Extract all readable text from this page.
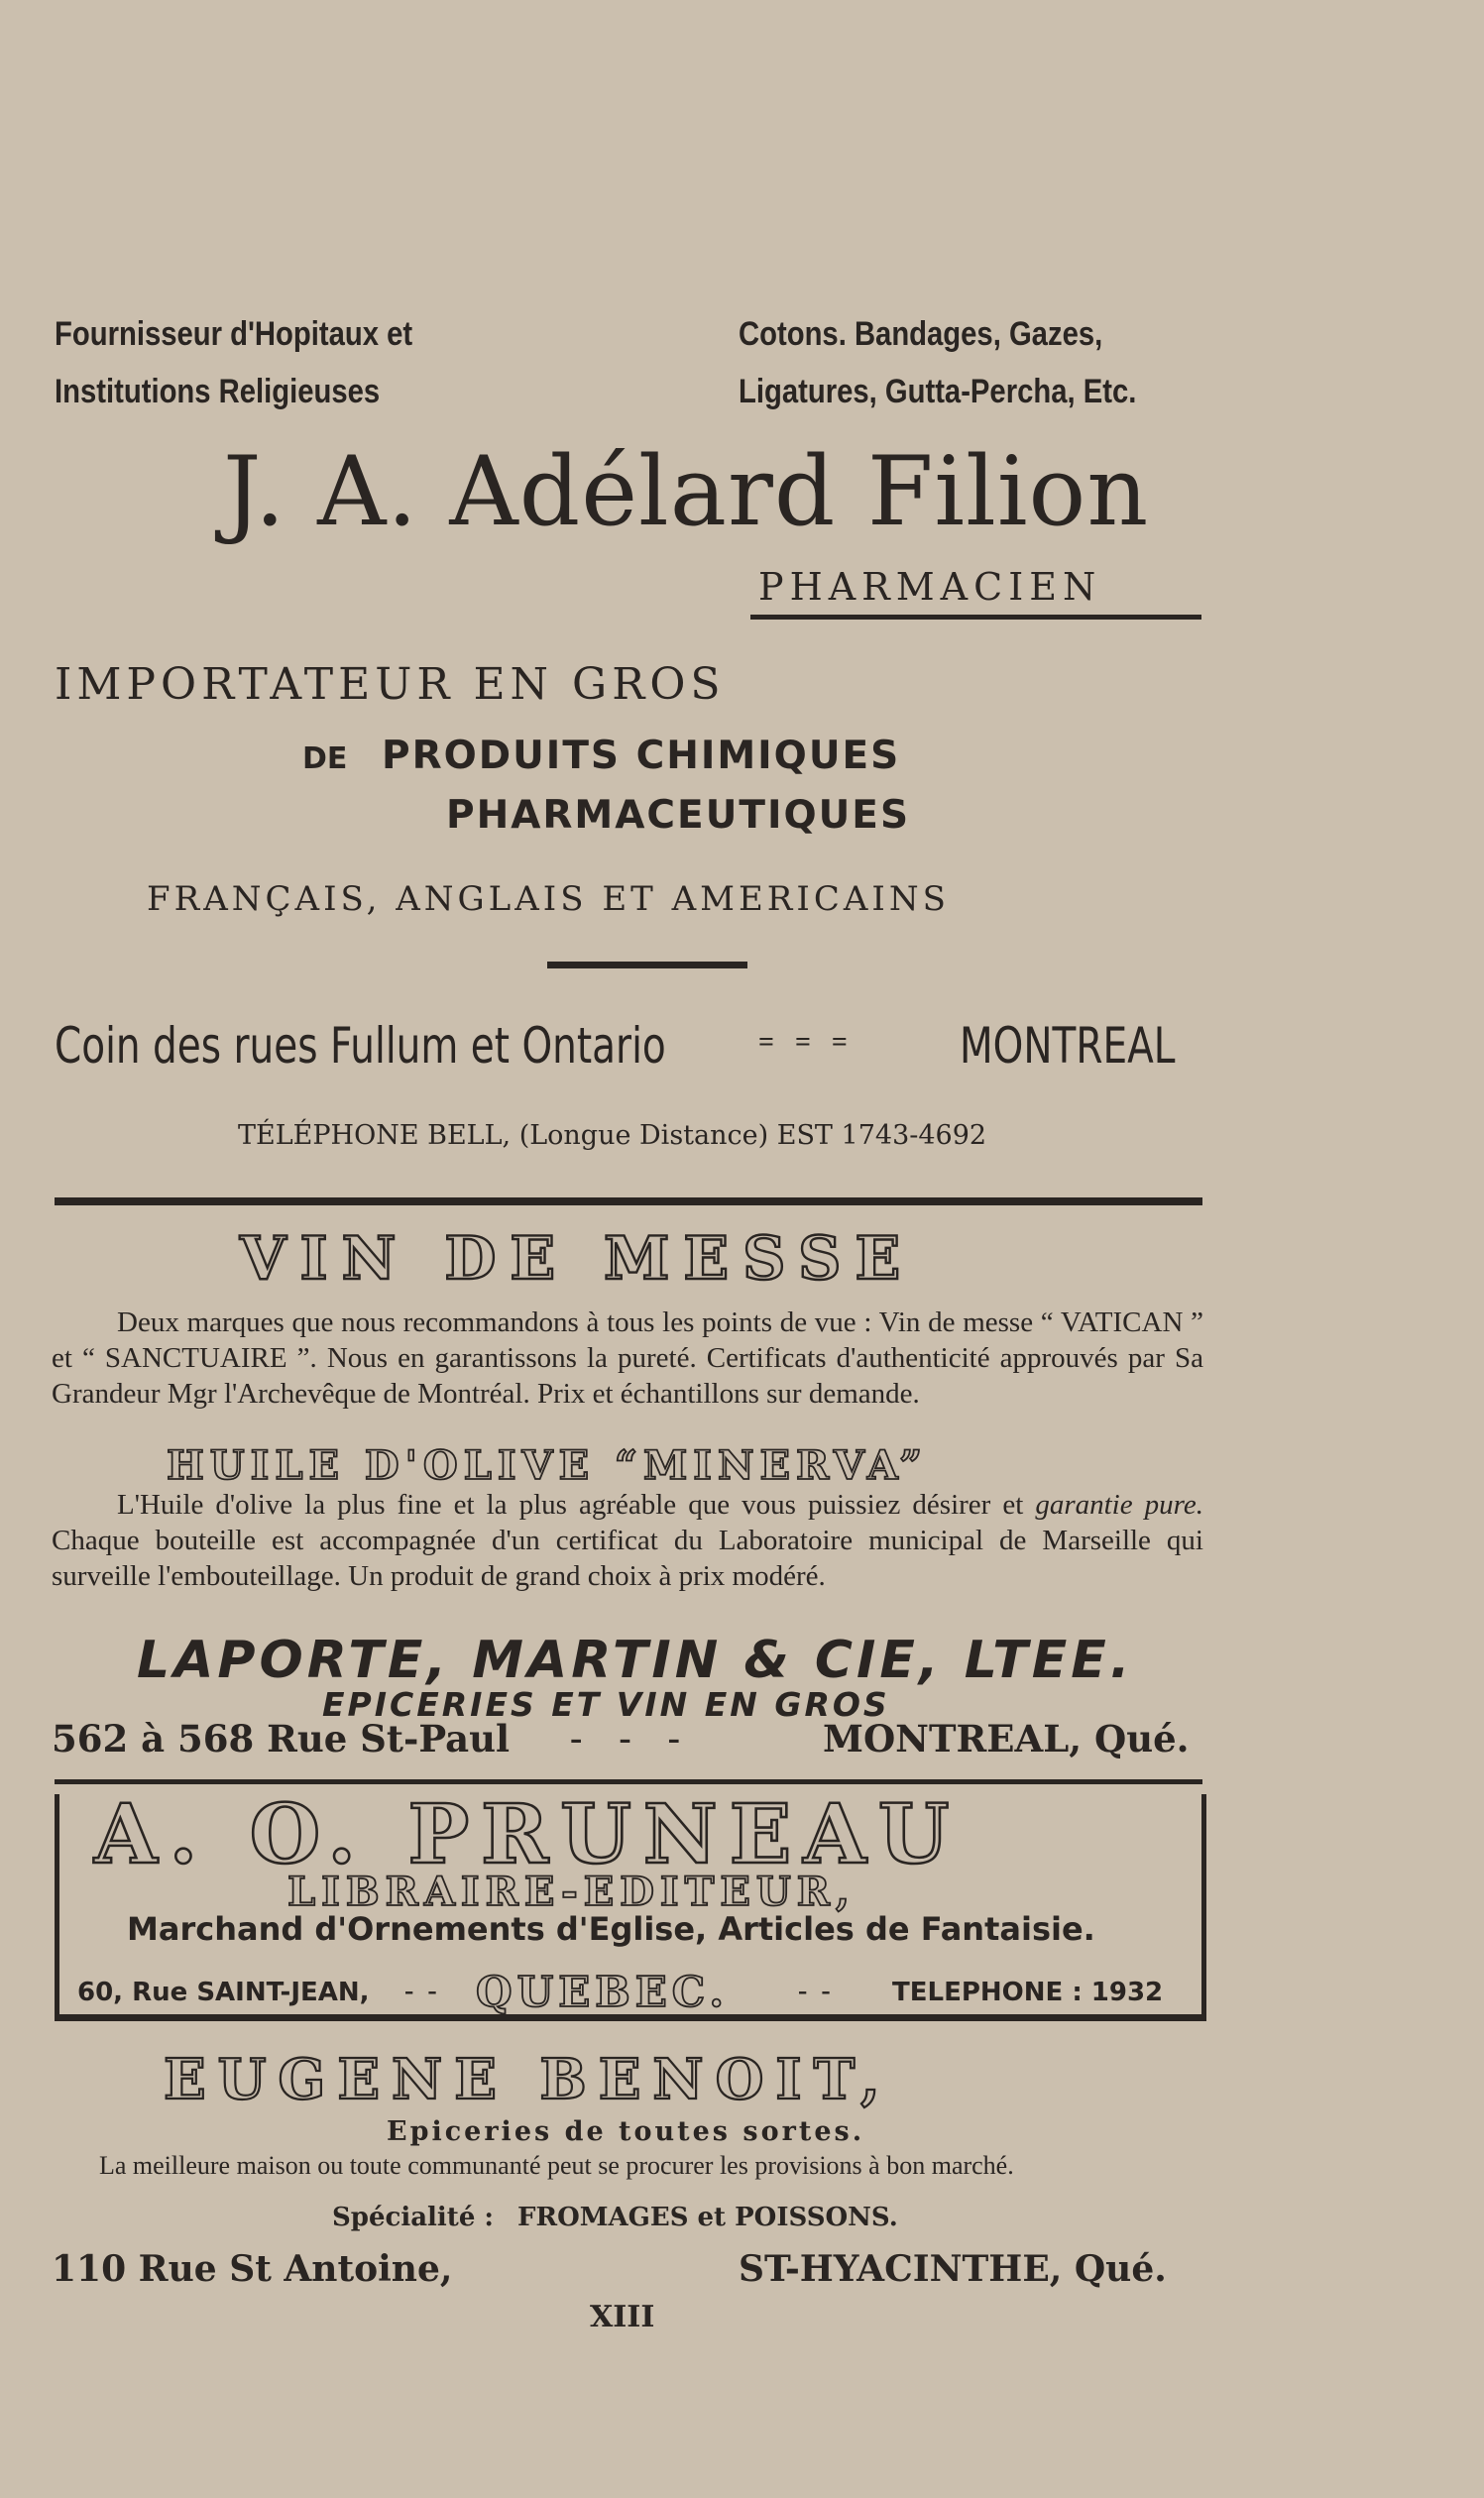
Fournisseur d'Hopitaux et
Institutions Religieuses
Cotons. Bandages, Gazes,
Ligatures, Gutta-Percha, Etc.
J. A. Adélard Filion
PHARMACIEN
IMPORTATEUR EN GROS
DE PRODUITS CHIMIQUES
PHARMACEUTIQUES
FRANÇAIS, ANGLAIS ET AMERICAINS
Coin des rues Fullum et Ontario	=   =   = MONTREAL
TÉLÉPHONE BELL, (Longue Distance) EST 1743-4692
VIN DE MESSE
Deux marques que nous recommandons à tous les points de vue : Vin de messe “ VATICAN ” et “ SANCTUAIRE ”. Nous en garantissons la pureté. Certificats d'authenticité approuvés par Sa Grandeur Mgr l'Archevêque de Montréal. Prix et échantillons sur demande.
HUILE D'OLIVE “MINERVA”
L'Huile d'olive la plus fine et la plus agréable que vous puissiez désirer et garantie pure. Chaque bouteille est accompagnée d'un certificat du Laboratoire municipal de Marseille qui surveille l'embouteillage. Un produit de grand choix à prix modéré.
LAPORTE, MARTIN & CIE, LTEE.
EPICERIES ET VIN EN GROS
562 à 568 Rue St-Paul -    -    -	MONTREAL, Qué.
A. O. PRUNEAU
LIBRAIRE-EDITEUR,
Marchand d'Ornements d'Eglise, Articles de Fantaisie.
60, Rue SAINT-JEAN, -  - QUEBEC. -  - TELEPHONE : 1932
EUGENE BENOIT,
Epiceries de toutes sortes.
La meilleure maison ou toute communanté peut se procurer les provisions à bon marché.
Spécialité : FROMAGES et POISSONS.
110 Rue St Antoine,	ST-HYACINTHE, Qué.
XIII
